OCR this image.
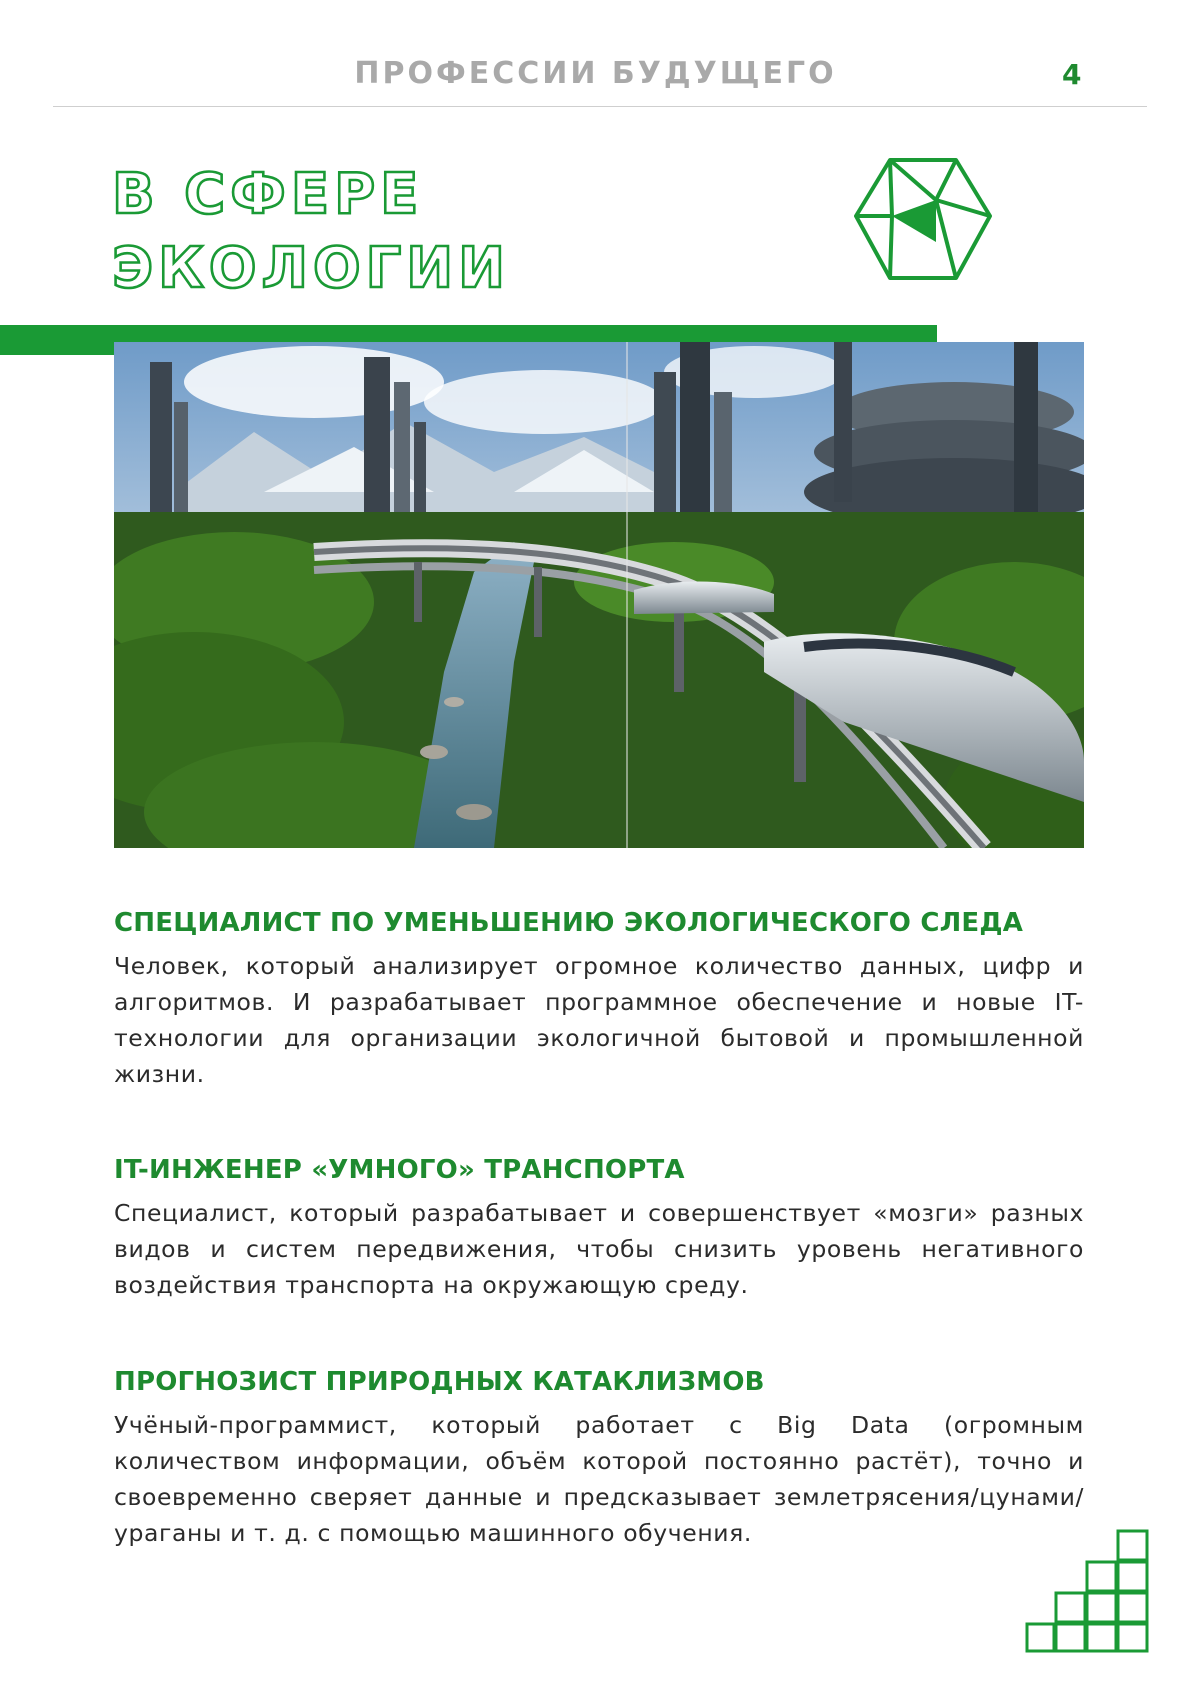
ПРОФЕССИИ БУДУЩЕГО	4
В СФЕРЕ
ЭКОЛОГИИ
СПЕЦИАЛИСТ ПО УМЕНЬШЕНИЮ ЭКОЛОГИЧЕСКОГО СЛЕДА

Человек, который анализирует огромное количество данных, цифр и алгоритмов. И разрабатывает программное обеспечение и новые IT-технологии для организации экологичной бытовой и промышленной жизни.

IT-ИНЖЕНЕР «УМНОГО» ТРАНСПОРТА

Специалист, который разрабатывает и совершенствует «мозги» разных видов и систем передвижения, чтобы снизить уровень негативного воздействия транспорта на окружающую среду.

ПРОГНОЗИСТ ПРИРОДНЫХ КАТАКЛИЗМОВ

Учёный-программист, который работает с Big Data (огромным количеством информации, объём которой постоянно растёт), точно и своевременно сверяет данные и предсказывает землетрясения/цунами/ураганы и т. д. с помощью машинного обучения.
